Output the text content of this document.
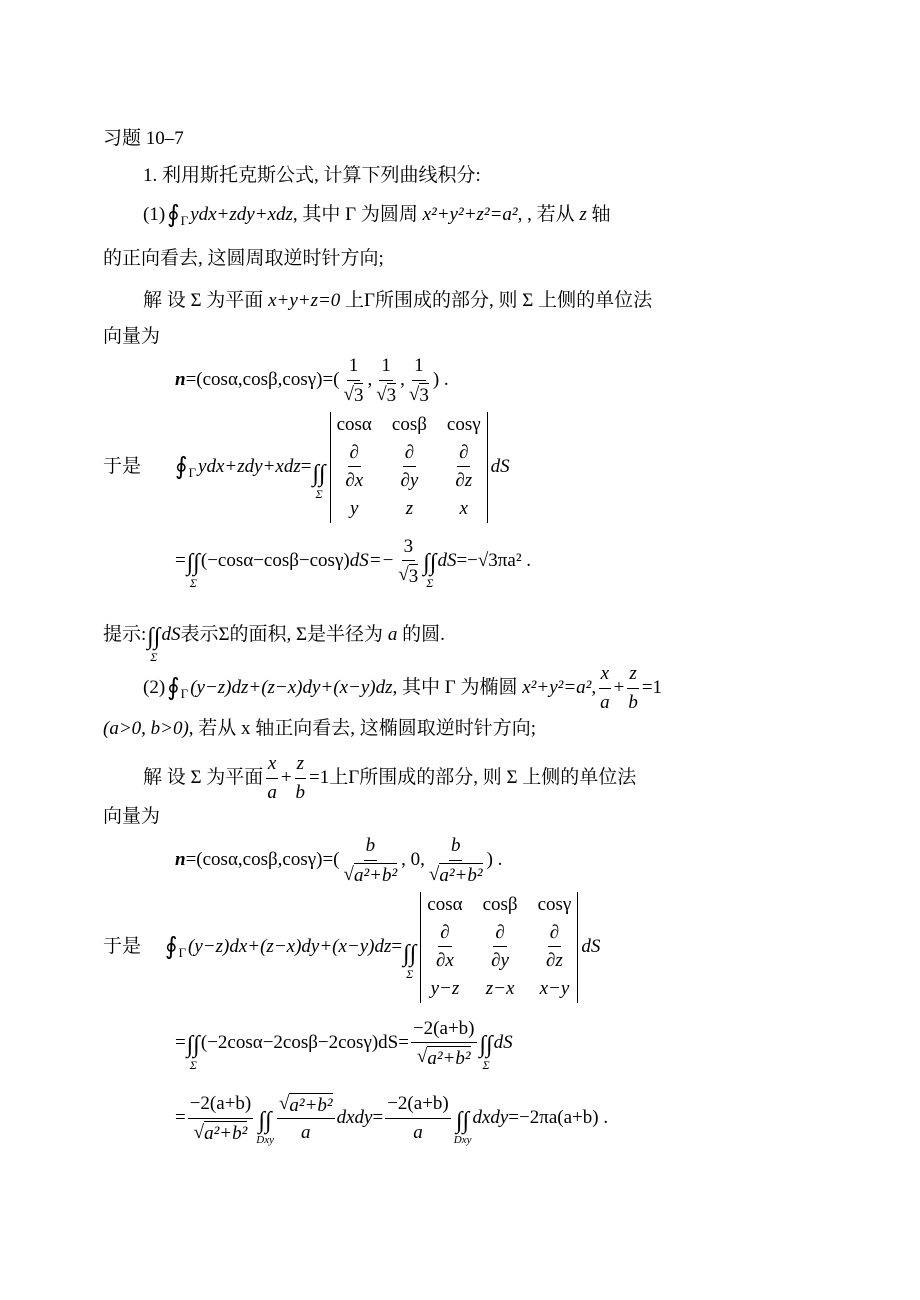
习题 10–7
1. 利用斯托克斯公式, 计算下列曲线积分:
(1) ∮ Γ ydx+zdy+xdz , 其中 Γ 为圆周
x²+y²+z²=a² , , 若从
z
轴
的正向看去, 这圆周取逆时针方向;
解 设 Σ 为平面
x+y+z=0
上Γ所围成的部分, 则 Σ 上侧的单位法
向量为
$n =(\cos\alpha,\cos\beta,\cos\gamma)=( \frac{1}{√ 3}$ , $\frac{1}{√ 3}$ , $\frac{1}{√ 3}$ ) .
于是 ∮ Γ ydx+zdy+xdz = ∫∫
Σ
cosα cosβ cosγ
$\frac{\partial}{\partial x} \frac{\partial}{\partial y} \frac{\partial}{\partial z}$
y z x
dS
= ∫∫
Σ
(−cosα−cosβ−cosγ) $dS=- \frac{3}{√ 3}$ ∫∫
Σ
dS =−√3πa² .
提示: ∫∫
Σ
dS 表示Σ的面积, Σ是半径为
a
的圆.
(2) ∮ Γ (y−z)dz+(z−x)dy+(x−y)dz , 其中 Γ 为椭圆
x²+y²=a², $\frac{x}{a} + \frac{z}{b} =1$
(a>0, b>0) , 若从 x 轴正向看去, 这椭圆取逆时针方向;
解 设 Σ 为平面 $\frac{x}{a} + \frac{z}{b} =1$ 上Γ所围成的部分, 则 Σ 上侧的单位法
向量为
$n =(\cos\alpha,\cos\beta,\cos\gamma)=( \frac{b}{\text{√ a²+b²}}$ , 0, $\frac{b}{\text{√ a²+b²}}$ ) .
于是 ∮ Γ (y−z)dx+(z−x)dy+(x−y)dz = ∫∫
Σ
cosα cosβ cosγ
$\frac{\partial}{\partial x} \frac{\partial}{\partial y} \frac{\partial}{\partial z}$
y−z z−x x−y
dS
= ∫∫
Σ
$(-2\cos\alpha-2\cos\beta-2\cos\gamma)dS= \frac{-2(a+b)}{\text{√ a²+b²}}$ ∫∫
Σ
dS
= $\frac{-2(a+b)}{\text{√ a²+b²}}$ ∫∫
Dxy $\frac{\text{√ a²+b²}}{a}$ dxdy = $\frac{-2(a+b)}{a}$ ∫∫
Dxy
dxdy =−2πa(a+b) .
